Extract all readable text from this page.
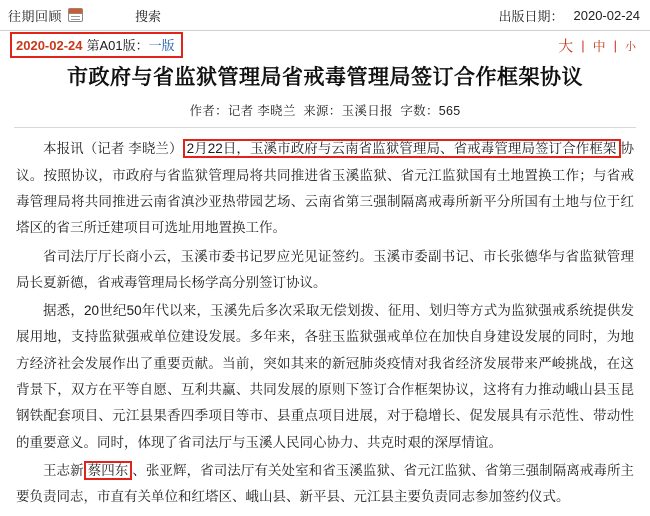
往期回顾	搜索	出版日期： 2020-02-24
2020-02-24 第A01版：一版	大 | 中 | 小
市政府与省监狱管理局省戒毒管理局签订合作框架协议
作者：记者 李晓兰 来源：玉溪日报 字数：565

本报讯（记者 李晓兰） 2月22日，玉溪市政府与云南省监狱管理局、省戒毒管理局签订合作框架 协议。按照协议，市政府与省监狱管理局将共同推进省玉溪监狱、省元江监狱国有土地置换工作；与省戒毒管理局将共同推进云南省滇沙亚热带园艺场、云南省第三强制隔离戒毒所新平分所国有土地与位于红塔区的省三所迁建项目可选址用地置换工作。

省司法厅厅长商小云，玉溪市委书记罗应光见证签约。玉溪市委副书记、市长张德华与省监狱管理局长夏新德，省戒毒管理局长杨学高分别签订协议。

据悉，20世纪50年代以来，玉溪先后多次采取无偿划拨、征用、划归等方式为监狱强戒系统提供发展用地，支持监狱强戒单位建设发展。多年来，各驻玉监狱强戒单位在加快自身建设发展的同时，为地方经济社会发展作出了重要贡献。当前，突如其来的新冠肺炎疫情对我省经济发展带来严峻挑战，在这背景下，双方在平等自愿、互利共赢、共同发展的原则下签订合作框架协议，这将有力推动峨山县玉昆钢铁配套项目、元江县果香四季项目等市、县重点项目进展，对于稳增长、促发展具有示范性、带动性的重要意义。同时，体现了省司法厅与玉溪人民同心协力、共克时艰的深厚情谊。

王志新 蔡四东 、张亚辉，省司法厅有关处室和省玉溪监狱、省元江监狱、省第三强制隔离戒毒所主要负责同志，市直有关单位和红塔区、峨山县、新平县、元江县主要负责同志参加签约仪式。
